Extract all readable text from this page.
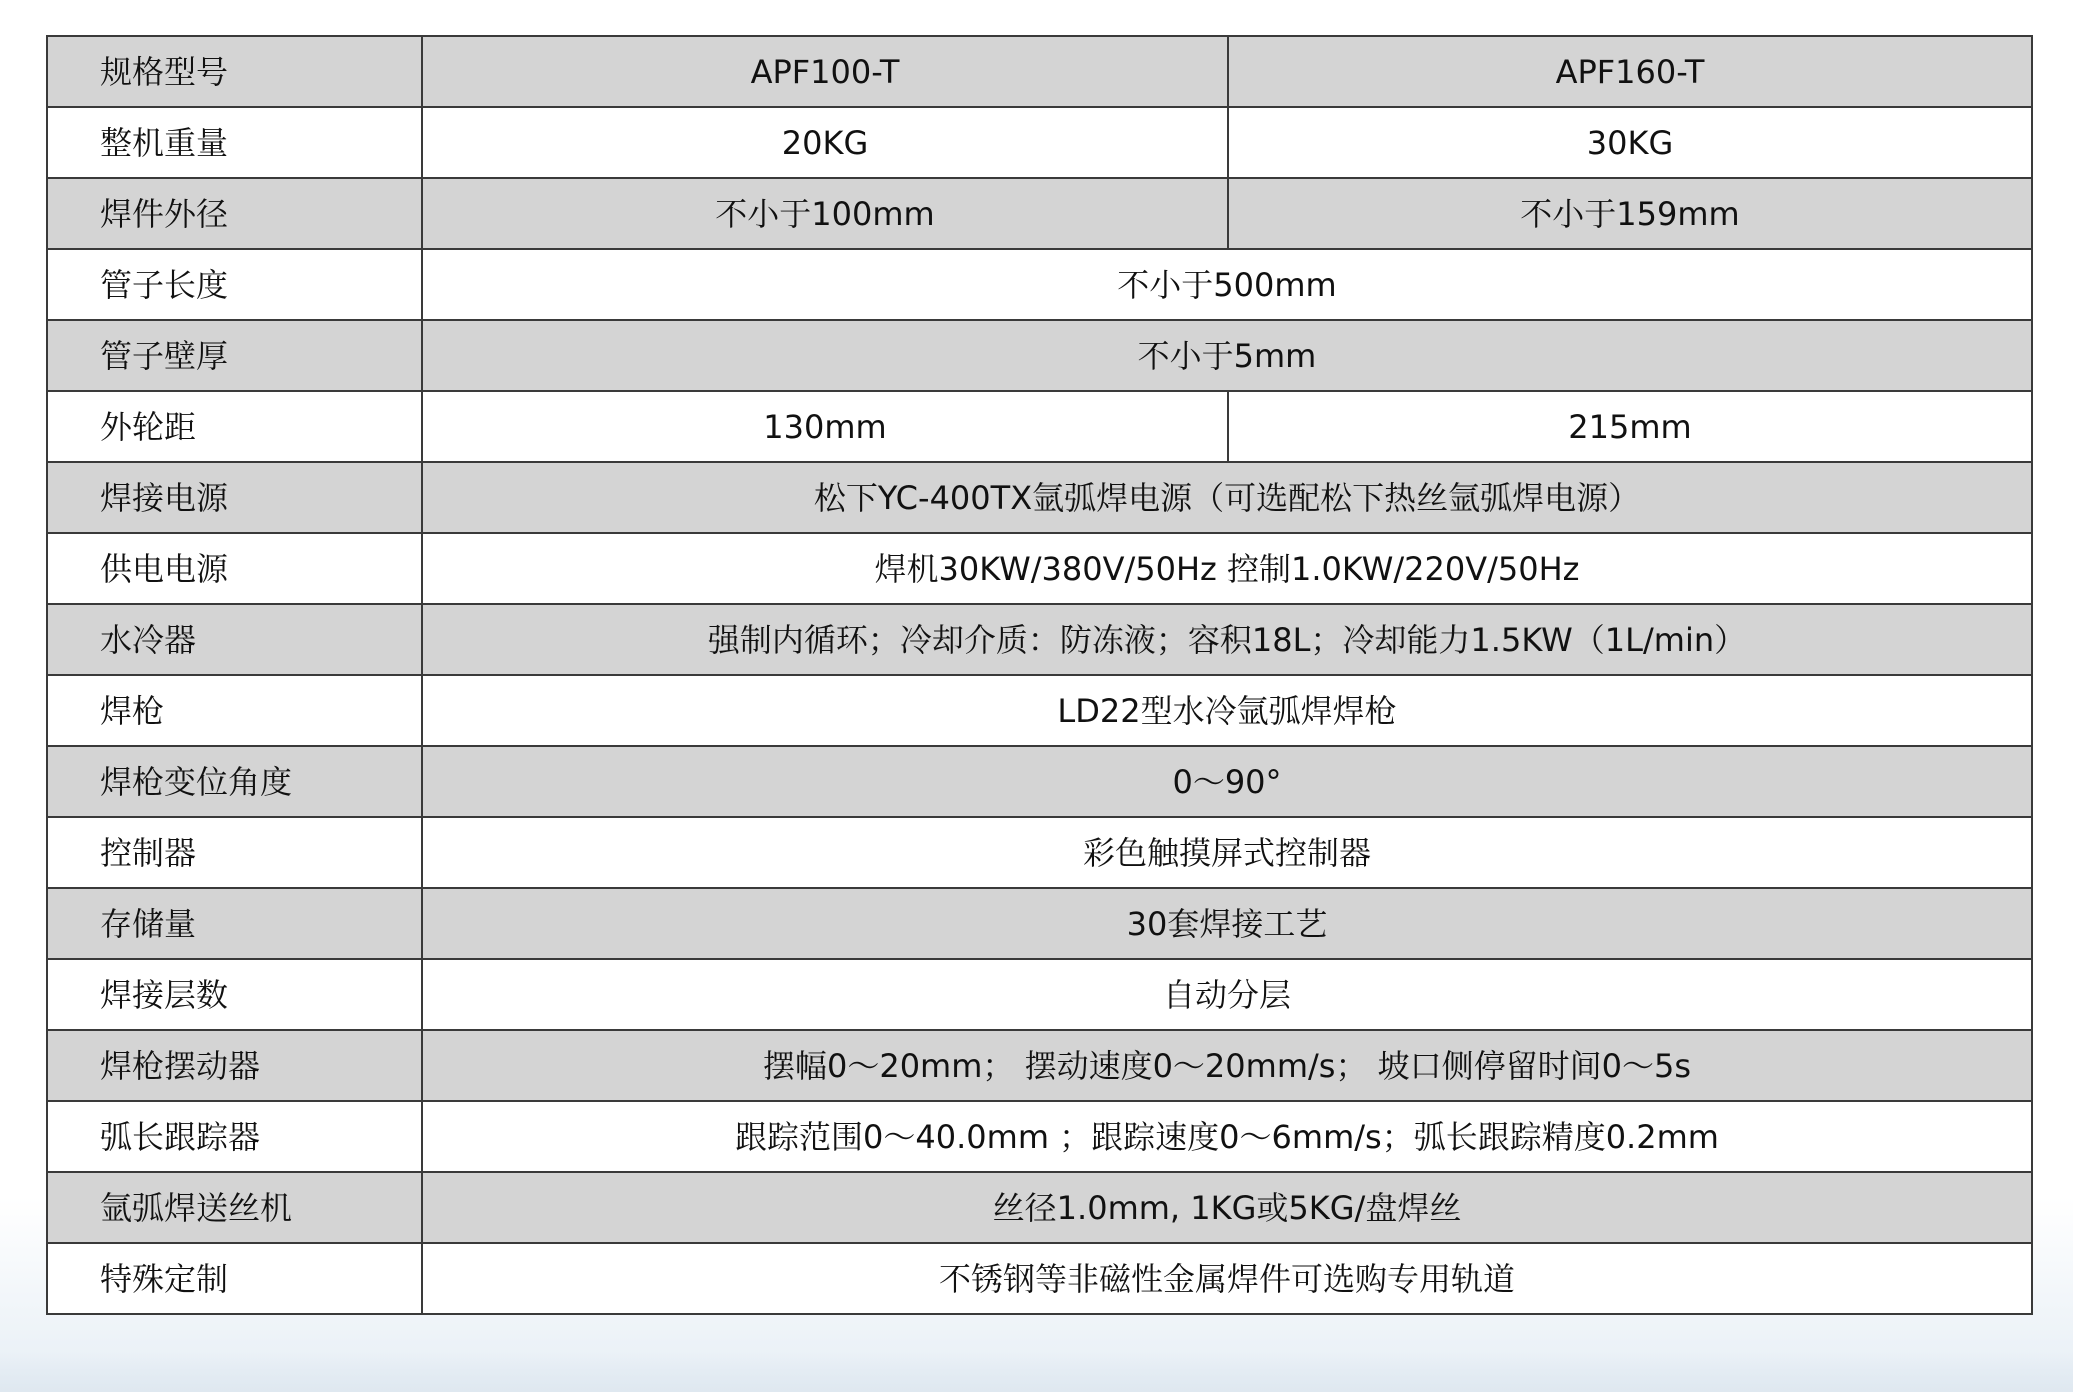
规格型号	APF100-T	APF160-T
整机重量	20KG	30KG
焊件外径	不小于100mm	不小于159mm
管子长度	不小于500mm	
管子壁厚	不小于5mm	
外轮距	130mm	215mm
焊接电源	松下YC-400TX氩弧焊电源（可选配松下热丝氩弧焊电源）	
供电电源	焊机30KW/380V/50Hz 控制1.0KW/220V/50Hz	
水冷器	强制内循环；冷却介质：防冻液；容积18L；冷却能力1.5KW（1L/min）	
焊枪	LD22型水冷氩弧焊焊枪	
焊枪变位角度	0～90°	
控制器	彩色触摸屏式控制器	
存储量	30套焊接工艺	
焊接层数	自动分层	
焊枪摆动器	摆幅0～20mm； 摆动速度0～20mm/s； 坡口侧停留时间0～5s	
弧长跟踪器	跟踪范围0～40.0mm ；跟踪速度0～6mm/s；弧长跟踪精度0.2mm	
氩弧焊送丝机	丝径1.0mm, 1KG或5KG/盘焊丝	
特殊定制	不锈钢等非磁性金属焊件可选购专用轨道	
